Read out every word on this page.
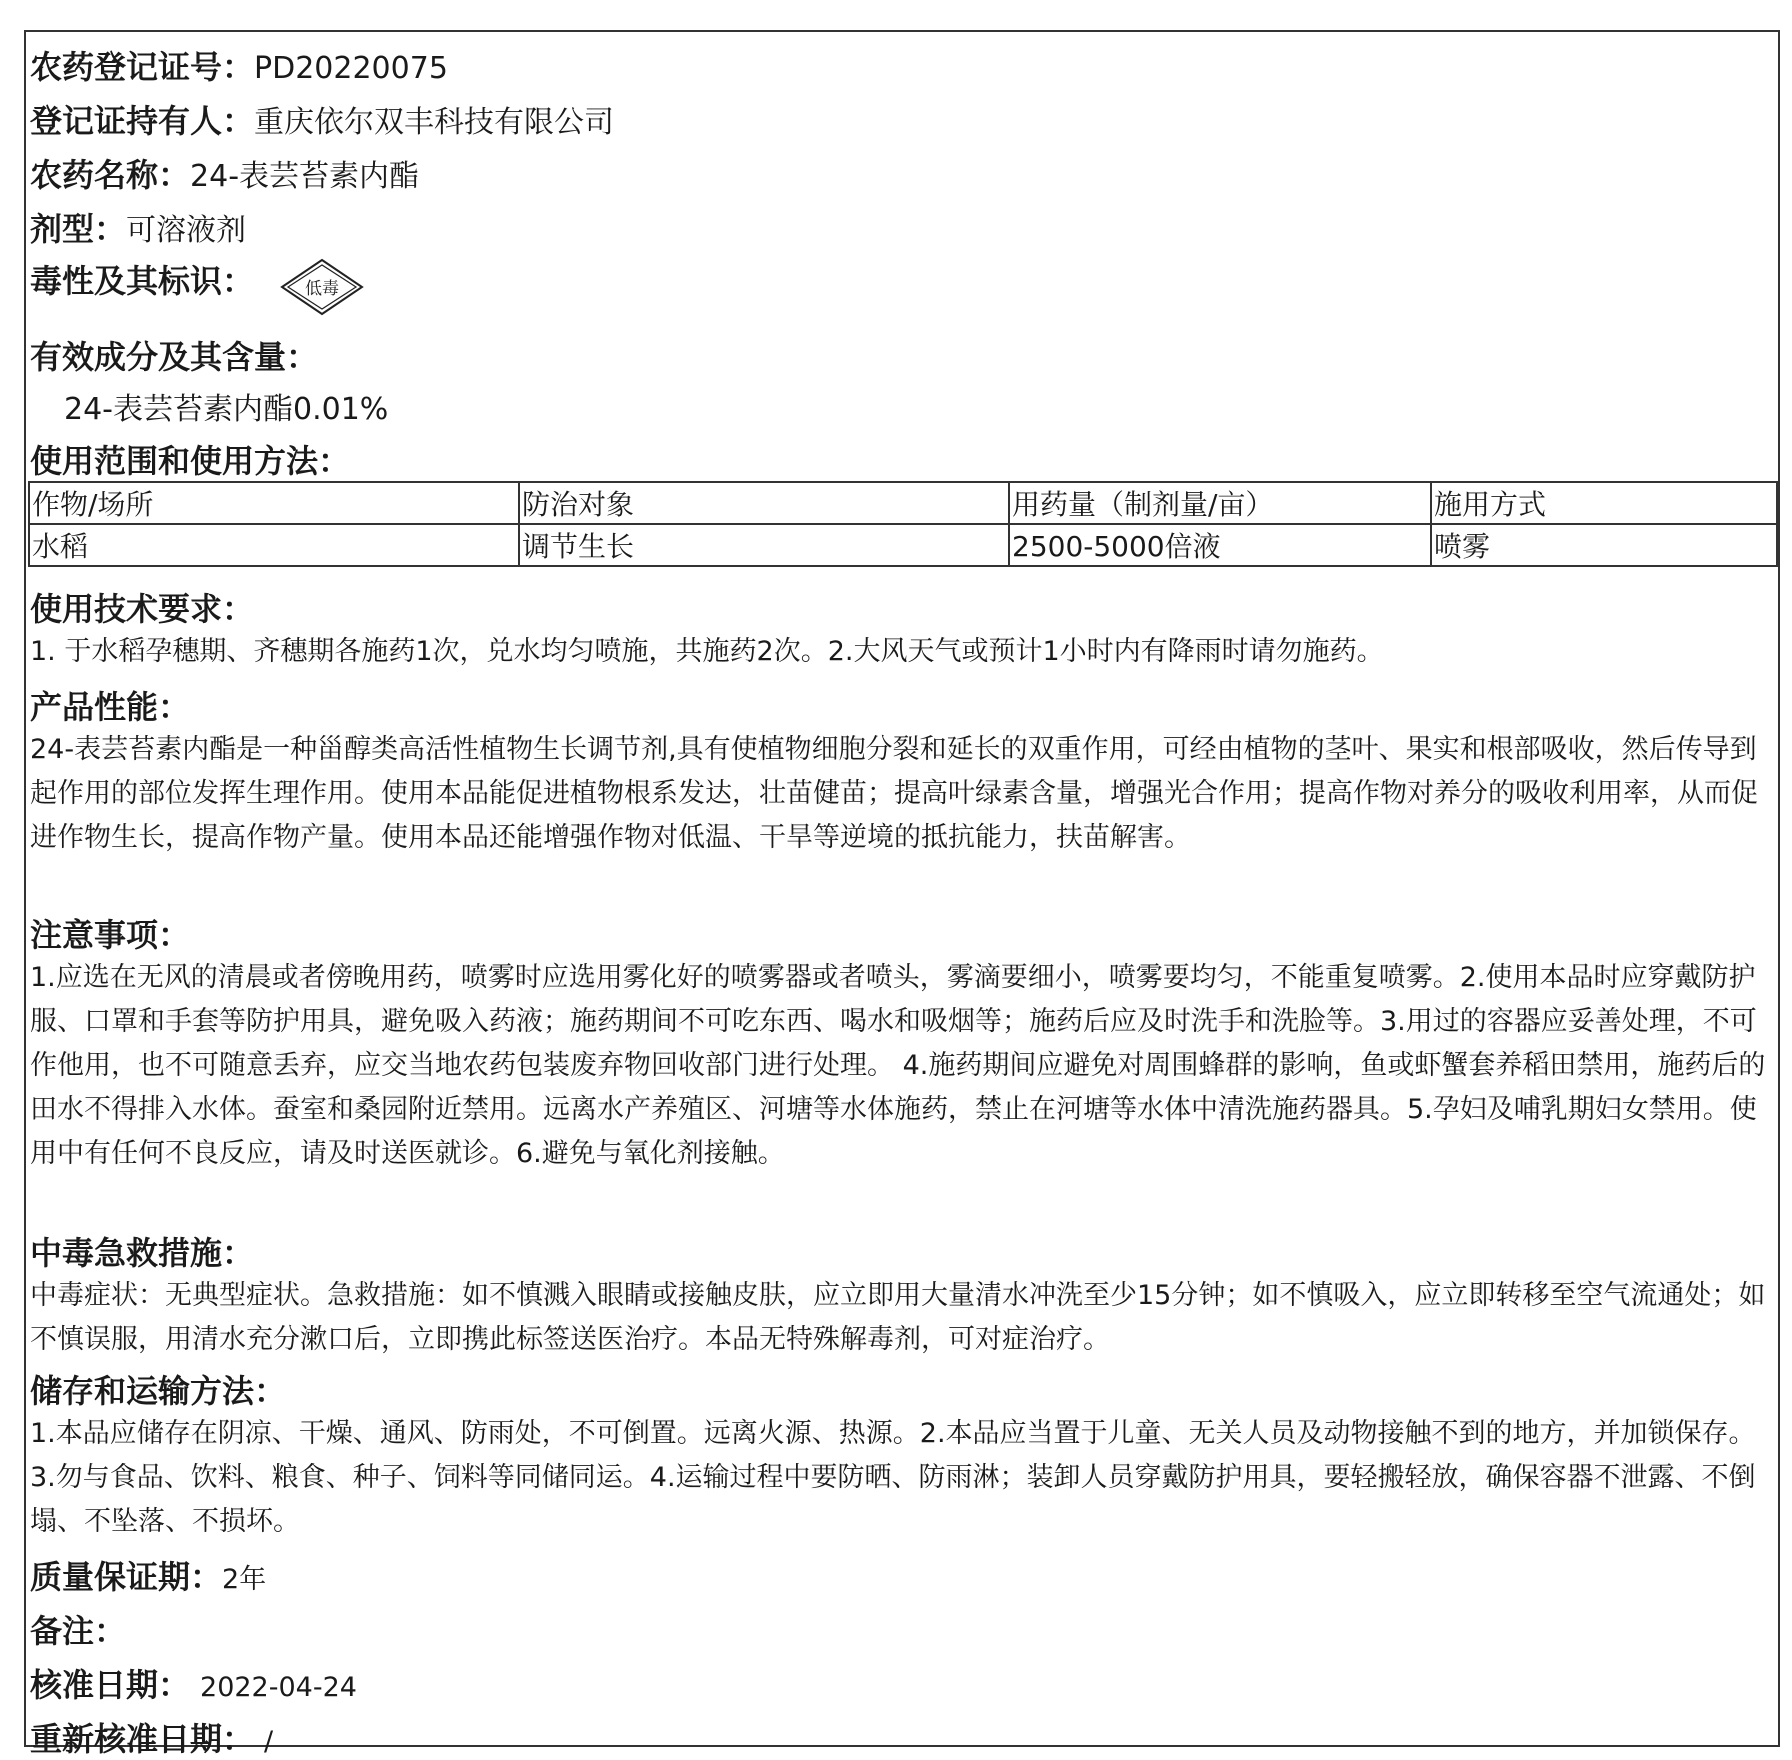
农药登记证号：PD20220075
登记证持有人：重庆依尔双丰科技有限公司
农药名称：24-表芸苔素内酯
剂型：可溶液剂
毒性及其标识：	低毒
有效成分及其含量：
24-表芸苔素内酯0.01%
使用范围和使用方法：
作物/场所	防治对象	用药量（制剂量/亩）	施用方式
水稻	调节生长	2500-5000倍液	喷雾
使用技术要求：
1. 于水稻孕穗期、齐穗期各施药1次，兑水均匀喷施，共施药2次。2.大风天气或预计1小时内有降雨时请勿施药。
产品性能：
24-表芸苔素内酯是一种甾醇类高活性植物生长调节剂,具有使植物细胞分裂和延长的双重作用，可经由植物的茎叶、果实和根部吸收，然后传导到起作用的部位发挥生理作用。使用本品能促进植物根系发达，壮苗健苗；提高叶绿素含量，增强光合作用；提高作物对养分的吸收利用率，从而促进作物生长，提高作物产量。使用本品还能增强作物对低温、干旱等逆境的抵抗能力，扶苗解害。
注意事项：
1.应选在无风的清晨或者傍晚用药，喷雾时应选用雾化好的喷雾器或者喷头，雾滴要细小，喷雾要均匀，不能重复喷雾。2.使用本品时应穿戴防护服、口罩和手套等防护用具，避免吸入药液；施药期间不可吃东西、喝水和吸烟等；施药后应及时洗手和洗脸等。3.用过的容器应妥善处理，不可作他用，也不可随意丢弃，应交当地农药包装废弃物回收部门进行处理。 4.施药期间应避免对周围蜂群的影响，鱼或虾蟹套养稻田禁用，施药后的田水不得排入水体。蚕室和桑园附近禁用。远离水产养殖区、河塘等水体施药，禁止在河塘等水体中清洗施药器具。5.孕妇及哺乳期妇女禁用。使用中有任何不良反应，请及时送医就诊。6.避免与氧化剂接触。
中毒急救措施：
中毒症状：无典型症状。急救措施：如不慎溅入眼睛或接触皮肤，应立即用大量清水冲洗至少15分钟；如不慎吸入，应立即转移至空气流通处；如不慎误服，用清水充分漱口后，立即携此标签送医治疗。本品无特殊解毒剂，可对症治疗。
储存和运输方法：
1.本品应储存在阴凉、干燥、通风、防雨处，不可倒置。远离火源、热源。2.本品应当置于儿童、无关人员及动物接触不到的地方，并加锁保存。3.勿与食品、饮料、粮食、种子、饲料等同储同运。4.运输过程中要防晒、防雨淋；装卸人员穿戴防护用具，要轻搬轻放，确保容器不泄露、不倒塌、不坠落、不损坏。
质量保证期：2年
备注：
核准日期： 2022-04-24
重新核准日期： /
